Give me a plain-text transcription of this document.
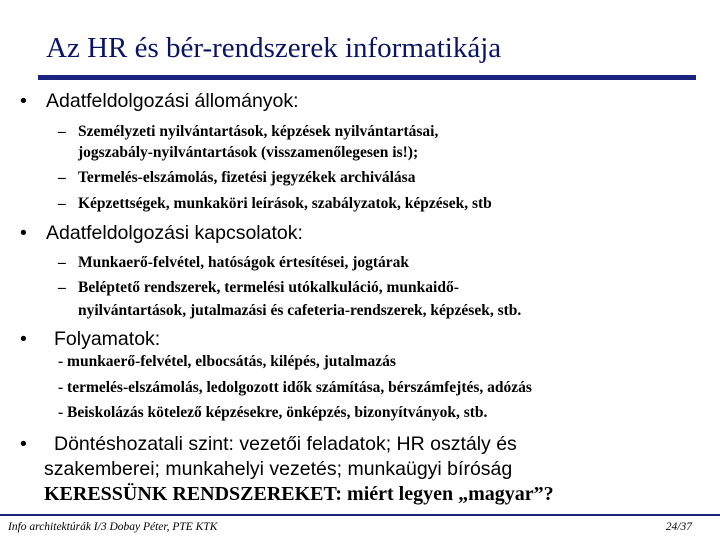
Az HR és bér-rendszerek informatikája
• Adatfeldolgozási állományok:
– Személyzeti nyilvántartások, képzések nyilvántartásai,
jogszabály-nyilvántartások (visszamenőlegesen is!);
– Termelés-elszámolás, fizetési jegyzékek archiválása
– Képzettségek, munkaköri leírások, szabályzatok, képzések, stb
• Adatfeldolgozási kapcsolatok:
– Munkaerő-felvétel, hatóságok értesítései, jogtárak
– Beléptető rendszerek, termelési utókalkuláció, munkaidő-
nyilvántartások, jutalmazási és cafeteria-rendszerek, képzések, stb.
• Folyamatok:
- munkaerő-felvétel, elbocsátás, kilépés, jutalmazás
- termelés-elszámolás, ledolgozott idők számítása, bérszámfejtés, adózás
- Beiskolázás kötelező képzésekre, önképzés, bizonyítványok, stb.
•	Döntéshozatali szint: vezetői feladatok; HR osztály és
szakemberei; munkahelyi vezetés; munkaügyi bíróság
KERESSÜNK RENDSZEREKET: miért legyen „magyar”?
Info architektúrák I/3 Dobay Péter, PTE KTK	24/37
